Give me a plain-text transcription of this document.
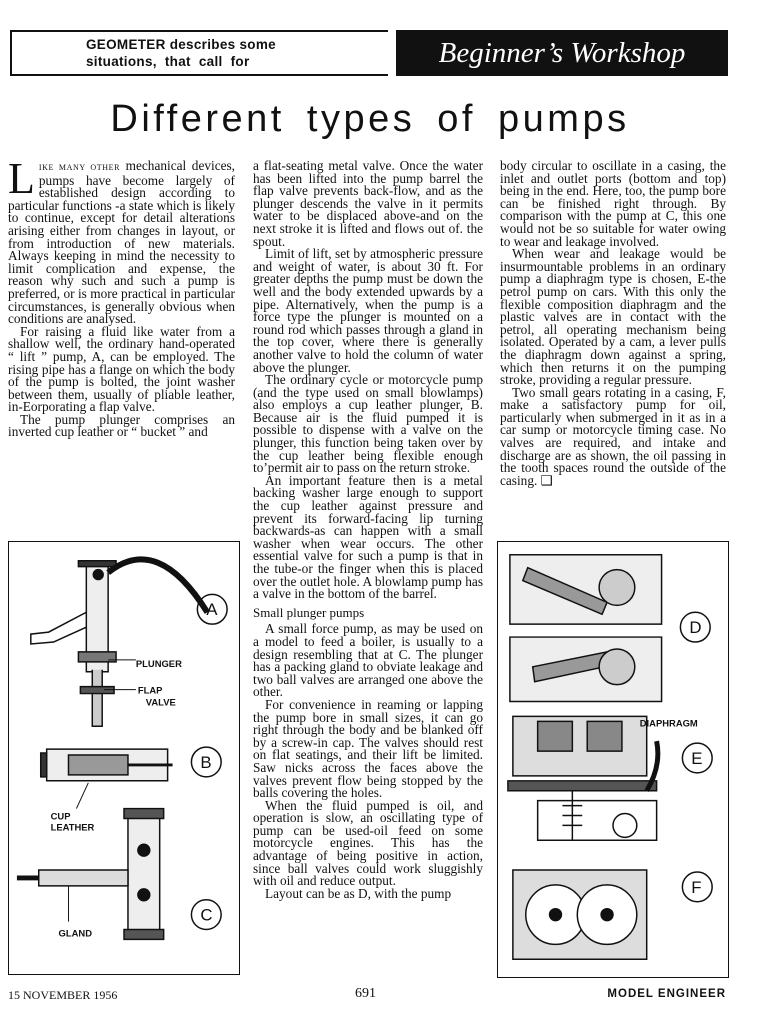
GEOMETER describes some
situations, that call for	Beginner’s Workshop
Different types of pumps

LIKE MANY OTHER mechanical devices, pumps have become largely of established design according to particular functions -a state which is likely to continue, except for detail alterations arising either from changes in layout, or from introduction of new materials. Always keeping in mind the necessity to limit complication and expense, the reason why such and such a pump is preferred, or is more practical in particular circumstances, is generally obvious when conditions are analysed.

For raising a fluid like water from a shallow well, the ordinary hand-operated “ lift ” pump, A, can be employed. The rising pipe has a flange on which the body of the pump is bolted, the joint washer between them, usually of pliable leather, in-Eorporating a flap valve.

The pump plunger comprises an inverted cup leather or “ bucket ” and

a flat-seating metal valve. Once the water has been lifted into the pump barrel the flap valve prevents back-flow, and as the plunger descends the valve in it permits water to be displaced above-and on the next stroke it is lifted and flows out of. the spout.

Limit of lift, set by atmospheric pressure and weight of water, is about 30 ft. For greater depths the pump must be down the well and the body extended upwards by a pipe. Alternatively, when the pump is a force type the plunger is mounted on a round rod which passes through a gland in the top cover, where there is generally another valve to hold the column of water above the plunger.

The ordinary cycle or motorcycle pump (and the type used on small blowlamps) also employs a cup leather plunger, B. Because air is the fluid pumped it is possible to dispense with a valve on the plunger, this function being taken over by the cup leather being flexible enough to’permit air to pass on the return stroke.

An important feature then is a metal backing washer large enough to support the cup leather against pressure and prevent its forward-facing lip turning backwards-as can happen with a small washer when wear occurs. The other essential valve for such a pump is that in the tube-or the finger when this is placed over the outlet hole. A blowlamp pump has a valve in the bottom of the barrel.

Small plunger pumps

A small force pump, as may be used on a model to feed a boiler, is usually to a design resembling that at C. The plunger has a packing gland to obviate leakage and two ball valves are arranged one above the other.

For convenience in reaming or lapping the pump bore in small sizes, it can go right through the body and be blanked off by a screw-in cap. The valves should rest on flat seatings, and their lift be limited. Saw nicks across the faces above the valves prevent flow being stopped by the balls covering the holes.

When the fluid pumped is oil, and operation is slow, an oscillating type of pump can be used-oil feed on some motorcycle engines. This has the advantage of being positive in action, since ball valves could work sluggishly with oil and reduce output.

Layout can be as D, with the pump

body circular to oscillate in a casing, the inlet and outlet ports (bottom and top) being in the end. Here, too, the pump bore can be finished right through. By comparison with the pump at C, this one would not be so suitable for water owing to wear and leakage involved.

When wear and leakage would be insurmountable problems in an ordinary pump a diaphragm type is chosen, E-the petrol pump on cars. With this only the flexible composition diaphragm and the plastic valves are in contact with the petrol, all operating mechanism being isolated. Operated by a cam, a lever pulls the diaphragm down against a spring, which then returns it on the pumping stroke, providing a regular pressure.

Two small gears rotating in a casing, F, make a satisfactory pump for oil, particularly when submerged in it as in a car sump or motorcycle timing case. No valves are required, and intake and discharge are as shown, the oil passing in the tooth spaces round the outside of the casing. ❑

A
B
C
PLUNGER
FLAP
VALVE
CUP
LEATHER
GLAND
D
E
F
DIAPHRAGM
15 NOVEMBER 1956	691	MODEL ENGINEER
